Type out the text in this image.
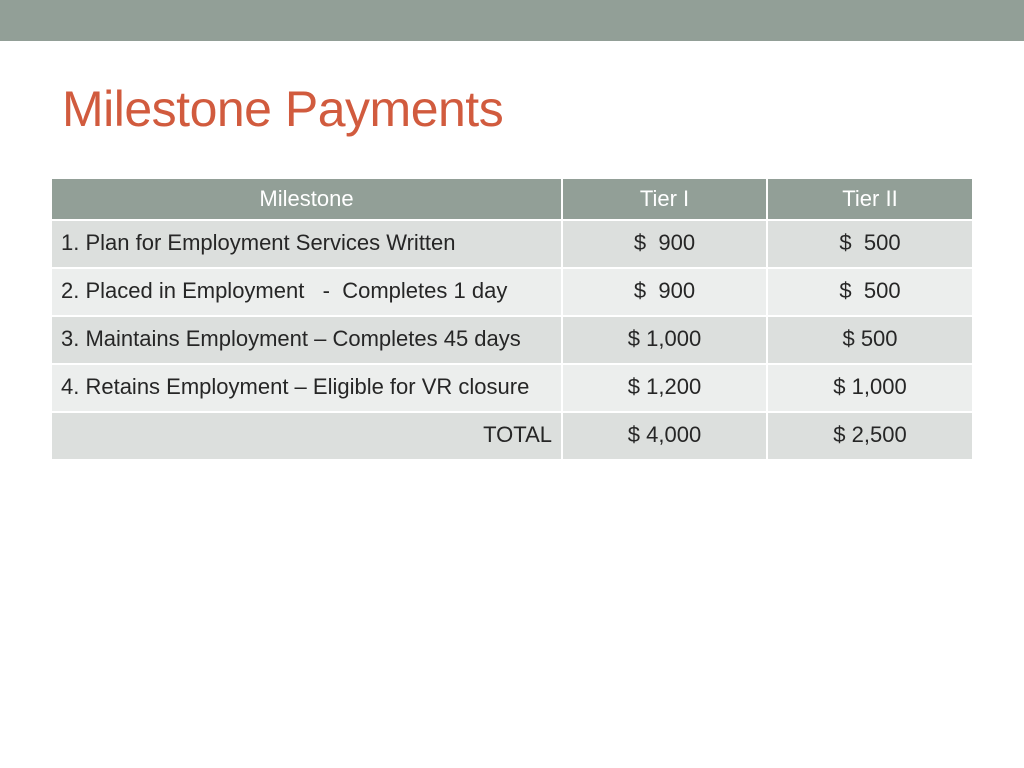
Milestone Payments
Milestone	Tier I	Tier II
1. Plan for Employment Services Written	$  900	$  500
2. Placed in Employment   -  Completes 1 day	$  900	$  500
3. Maintains Employment – Completes 45 days	$ 1,000	$ 500
4. Retains Employment – Eligible for VR closure	$ 1,200	$ 1,000
TOTAL	$ 4,000	$ 2,500
